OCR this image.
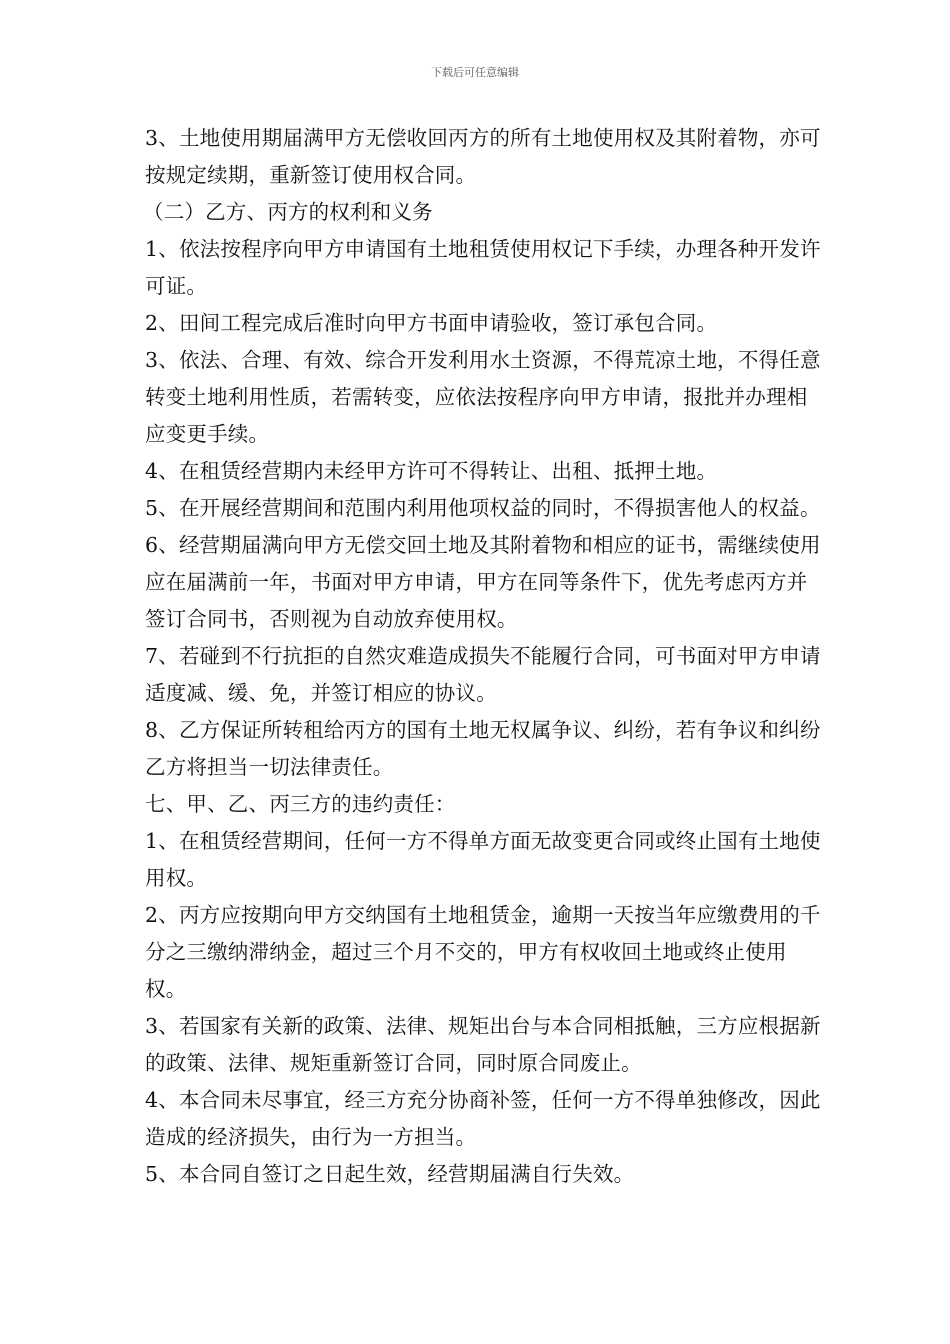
下载后可任意编辑

3、土地使用期届满甲方无偿收回丙方的所有土地使用权及其附着物，亦可按规定续期，重新签订使用权合同。

（二）乙方、丙方的权利和义务

1、依法按程序向甲方申请国有土地租赁使用权记下手续，办理各种开发许可证。

2、田间工程完成后准时向甲方书面申请验收，签订承包合同。

3、依法、合理、有效、综合开发利用水土资源，不得荒凉土地，不得任意转变土地利用性质，若需转变，应依法按程序向甲方申请，报批并办理相应变更手续。

4、在租赁经营期内未经甲方许可不得转让、出租、抵押土地。

5、在开展经营期间和范围内利用他项权益的同时，不得损害他人的权益。

6、经营期届满向甲方无偿交回土地及其附着物和相应的证书，需继续使用应在届满前一年，书面对甲方申请，甲方在同等条件下，优先考虑丙方并签订合同书，否则视为自动放弃使用权。

7、若碰到不行抗拒的自然灾难造成损失不能履行合同，可书面对甲方申请适度减、缓、免，并签订相应的协议。

8、乙方保证所转租给丙方的国有土地无权属争议、纠纷，若有争议和纠纷乙方将担当一切法律责任。

七、甲、乙、丙三方的违约责任：

1、在租赁经营期间，任何一方不得单方面无故变更合同或终止国有土地使用权。

2、丙方应按期向甲方交纳国有土地租赁金，逾期一天按当年应缴费用的千分之三缴纳滞纳金，超过三个月不交的，甲方有权收回土地或终止使用权。

3、若国家有关新的政策、法律、规矩出台与本合同相抵触，三方应根据新的政策、法律、规矩重新签订合同，同时原合同废止。

4、本合同未尽事宜，经三方充分协商补签，任何一方不得单独修改，因此造成的经济损失，由行为一方担当。

5、本合同自签订之日起生效，经营期届满自行失效。
